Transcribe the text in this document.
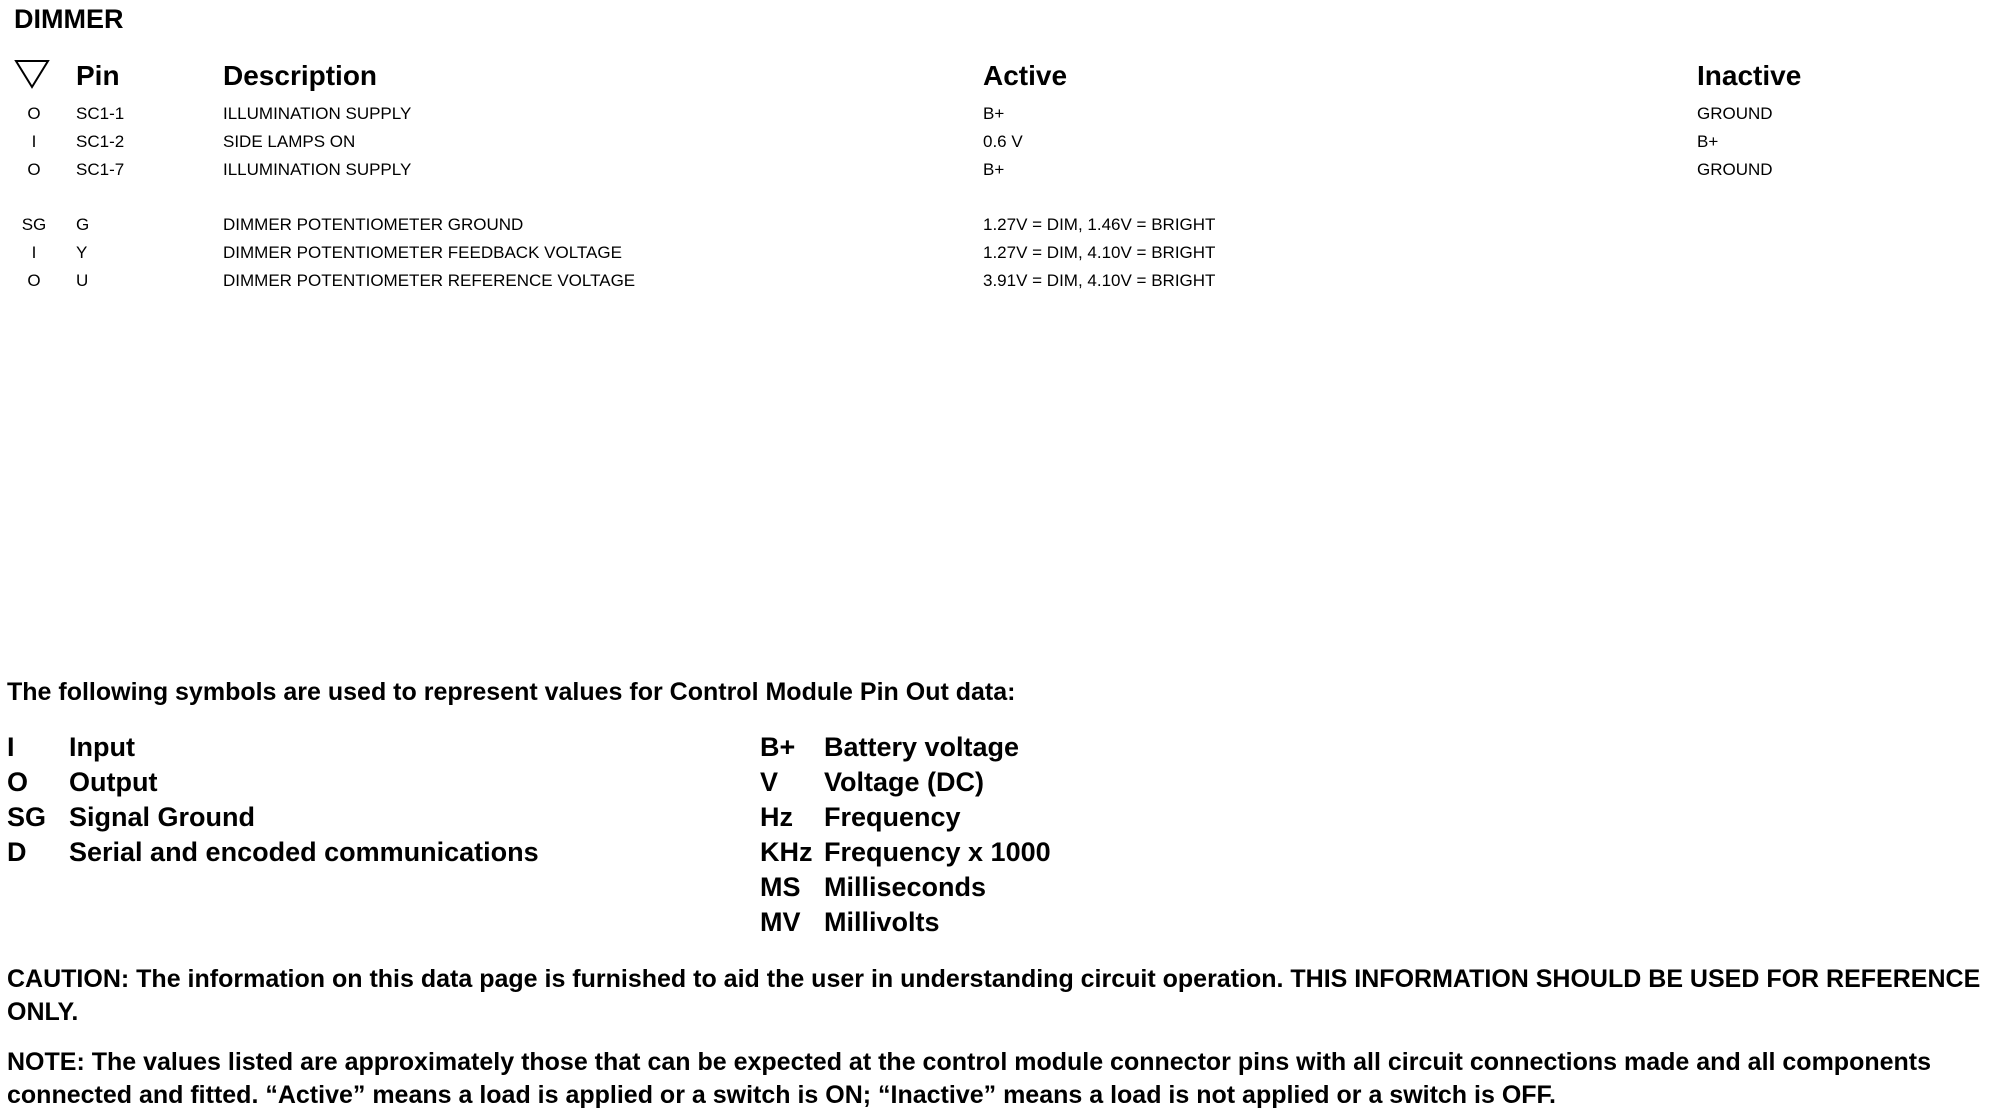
DIMMER
Pin	Description	Active	Inactive
O	SC1-1	ILLUMINATION SUPPLY	B+	GROUND
I	SC1-2	SIDE LAMPS ON	0.6 V	B+
O	SC1-7	ILLUMINATION SUPPLY	B+	GROUND
SG	G	DIMMER POTENTIOMETER GROUND	1.27V = DIM, 1.46V = BRIGHT
I	Y	DIMMER POTENTIOMETER FEEDBACK VOLTAGE	1.27V = DIM, 4.10V = BRIGHT
O	U	DIMMER POTENTIOMETER REFERENCE VOLTAGE	3.91V = DIM, 4.10V = BRIGHT
The following symbols are used to represent values for Control Module Pin Out data:
I Input
O Output
SG Signal Ground
D Serial and encoded communications
B+ Battery voltage
V Voltage (DC)
Hz Frequency
KHz Frequency x 1000
MS Milliseconds
MV Millivolts
CAUTION: The information on this data page is furnished to aid the user in understanding circuit operation. THIS INFORMATION SHOULD BE USED FOR REFERENCE ONLY.
NOTE: The values listed are approximately those that can be expected at the control module connector pins with all circuit connections made and all components connected and fitted. “Active” means a load is applied or a switch is ON; “Inactive” means a load is not applied or a switch is OFF.
